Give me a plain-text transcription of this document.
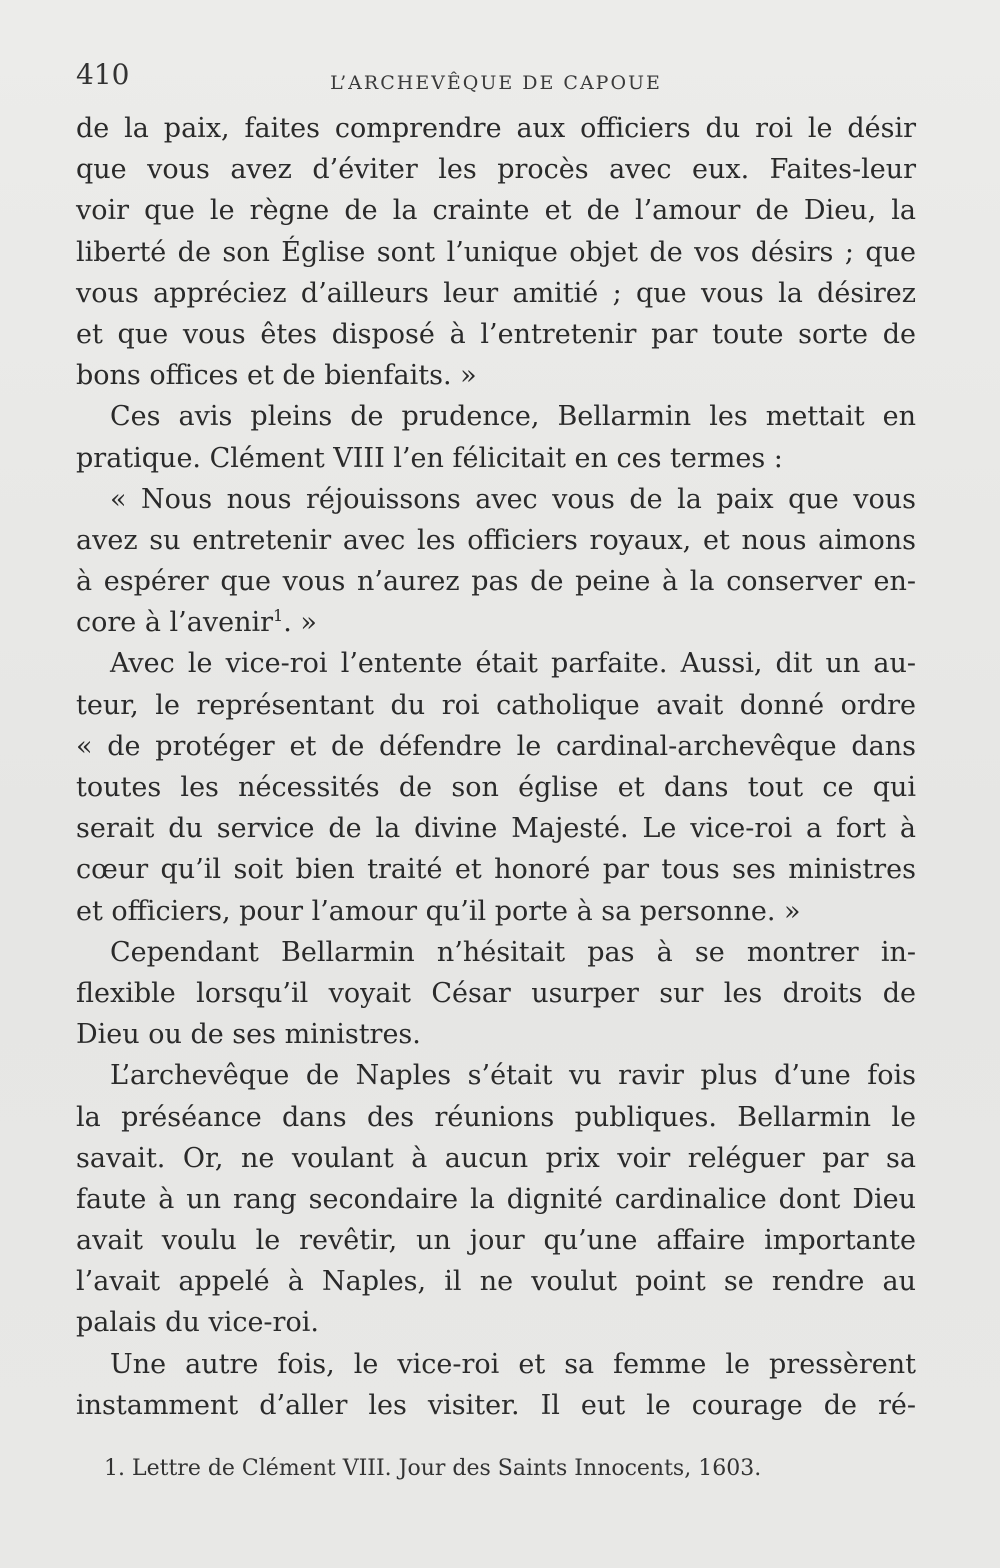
410	L’ARCHEVÊQUE DE CAPOUE
de la paix, faites comprendre aux officiers du roi le désir
que vous avez d’éviter les procès avec eux. Faites-leur
voir que le règne de la crainte et de l’amour de Dieu, la
liberté de son Église sont l’unique objet de vos désirs ; que
vous appréciez d’ailleurs leur amitié ; que vous la désirez
et que vous êtes disposé à l’entretenir par toute sorte de
bons offices et de bienfaits. »
Ces avis pleins de prudence, Bellarmin les mettait en
pratique. Clément VIII l’en félicitait en ces termes :
« Nous nous réjouissons avec vous de la paix que vous
avez su entretenir avec les officiers royaux, et nous aimons
à espérer que vous n’aurez pas de peine à la conserver en-
core à l’avenir$^1$. »
Avec le vice-roi l’entente était parfaite. Aussi, dit un au-
teur, le représentant du roi catholique avait donné ordre
« de protéger et de défendre le cardinal-archevêque dans
toutes les nécessités de son église et dans tout ce qui
serait du service de la divine Majesté. Le vice-roi a fort à
cœur qu’il soit bien traité et honoré par tous ses ministres
et officiers, pour l’amour qu’il porte à sa personne. »
Cependant Bellarmin n’hésitait pas à se montrer in-
flexible lorsqu’il voyait César usurper sur les droits de
Dieu ou de ses ministres.
L’archevêque de Naples s’était vu ravir plus d’une fois
la préséance dans des réunions publiques. Bellarmin le
savait. Or, ne voulant à aucun prix voir reléguer par sa
faute à un rang secondaire la dignité cardinalice dont Dieu
avait voulu le revêtir, un jour qu’une affaire importante
l’avait appelé à Naples, il ne voulut point se rendre au
palais du vice-roi.
Une autre fois, le vice-roi et sa femme le pressèrent
instamment d’aller les visiter. Il eut le courage de ré-
1. Lettre de Clément VIII. Jour des Saints Innocents, 1603.
